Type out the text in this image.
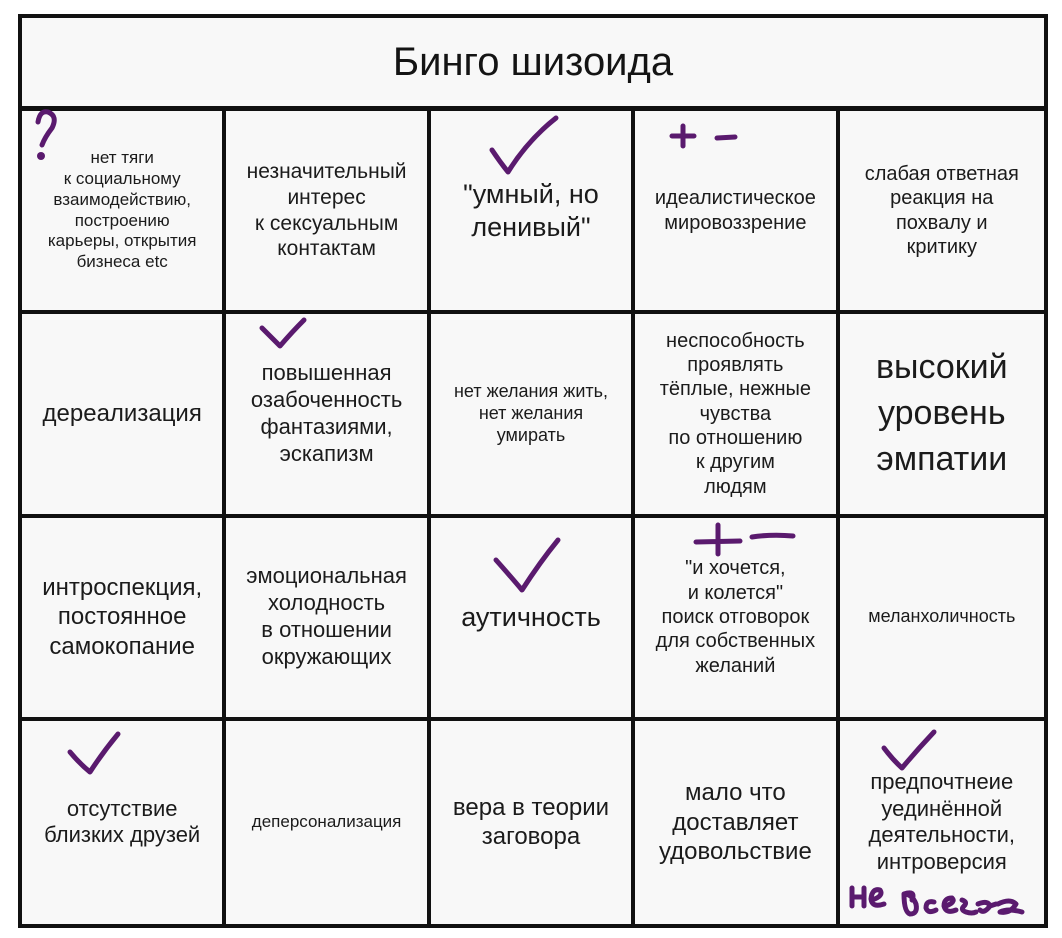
Бинго шизоида
нет тяги
к социальному
взаимодействию,
построению
карьеры, открытия
бизнеса etc
незначительный
интерес
к сексуальным
контактам
"умный, но
ленивый"
идеалистическое
мировоззрение
слабая ответная
реакция на
похвалу и
критику
дереализация
повышенная
озабоченность
фантазиями,
эскапизм
нет желания жить,
нет желания
умирать
неспособность
проявлять
тёплые, нежные
чувства
по отношению
к другим
людям
высокий
уровень
эмпатии
интроспекция,
постоянное
самокопание
эмоциональная
холодность
в отношении
окружающих
аутичность
"и хочется,
и колется"
поиск отговорок
для собственных
желаний
меланхоличность
отсутствие
близких друзей
деперсонализация
вера в теории
заговора
мало что
доставляет
удовольствие
предпочтнеие
уединённой
деятельности,
интроверсия
